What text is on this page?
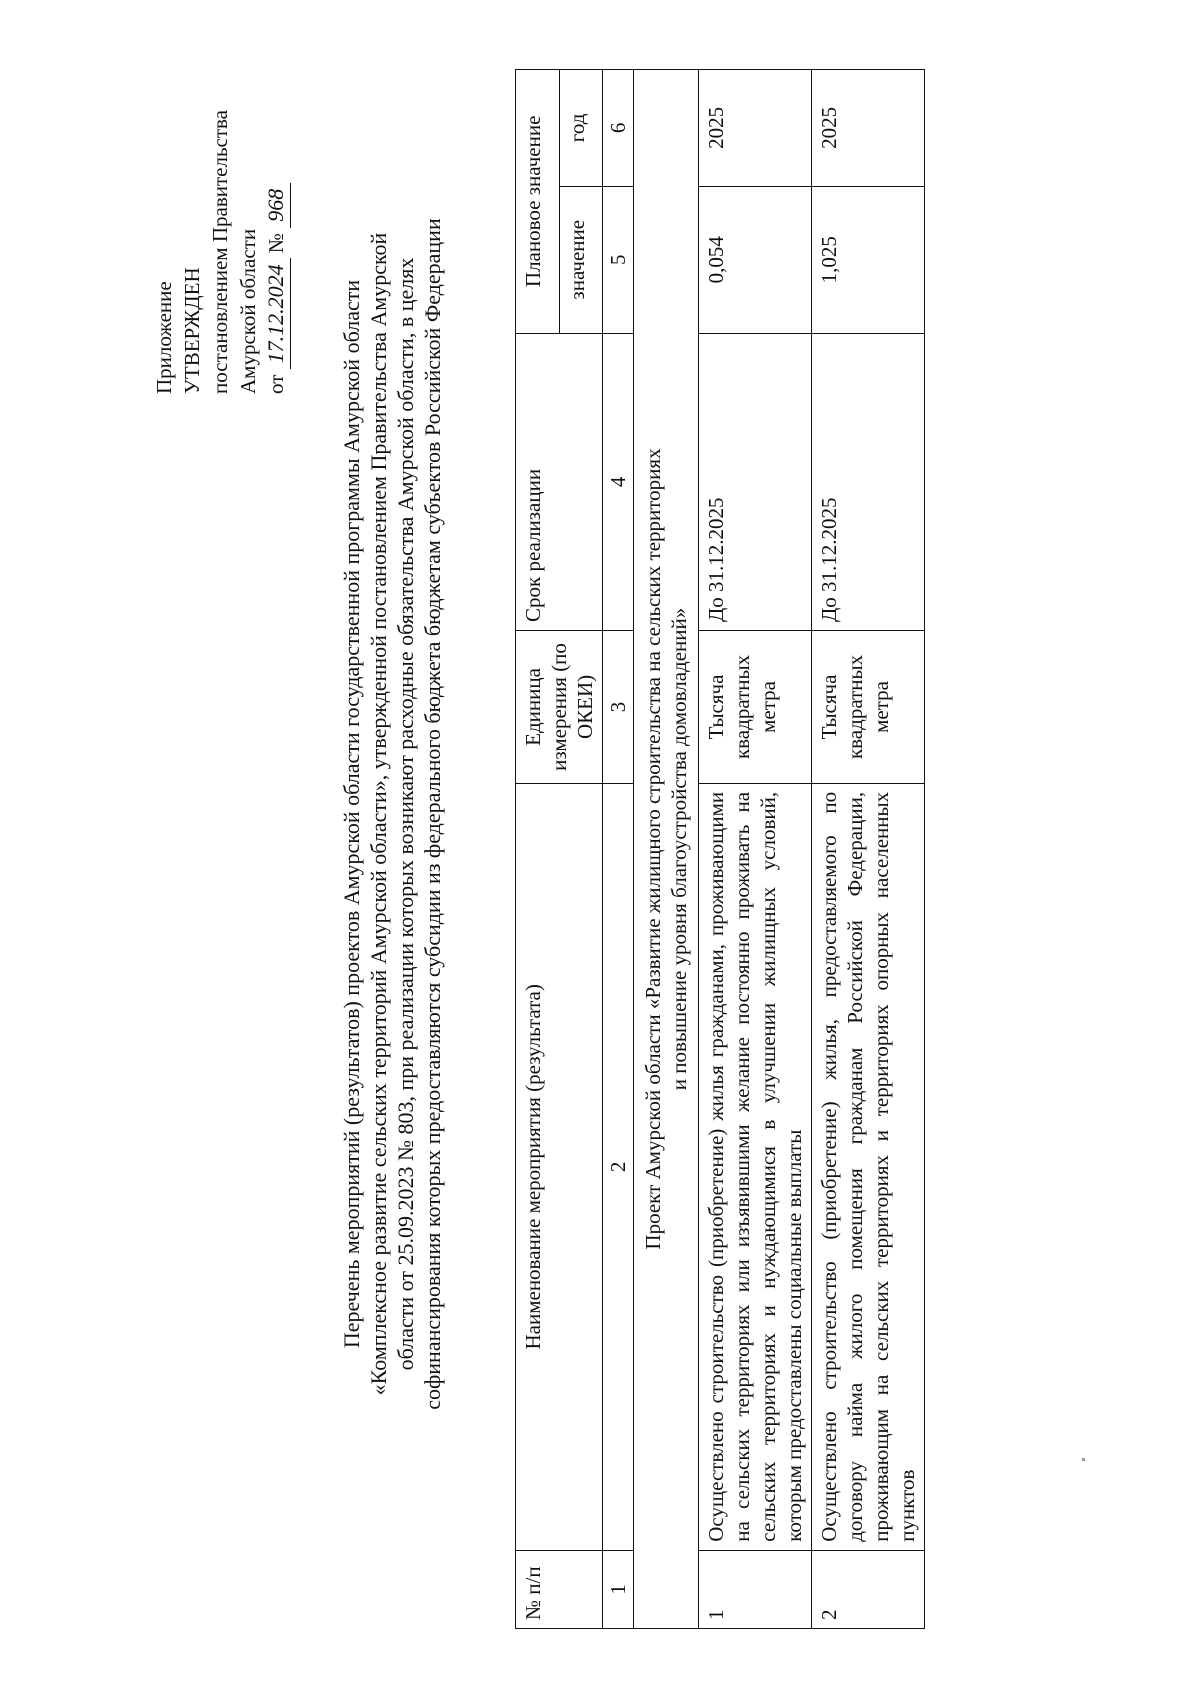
Приложение УТВЕРЖДЕН постановлением Правительства Амурской области от 17.12.2024 № 968
Перечень мероприятий (результатов) проектов Амурской области государственной программы Амурской области «Комплексное развитие сельских территорий Амурской области», утвержденной постановлением Правительства Амурской области от 25.09.2023 № 803, при реализации которых возникают расходные обязательства Амурской области, в целях софинансирования которых предоставляются субсидии из федерального бюджета бюджетам субъектов Российской Федерации
№ п/п	Наименование мероприятия (результата)	Единица измерения (по ОКЕИ)	Срок реализации	Плановое значение	
				значение	год
1	2	3	4	5	6

Проект Амурской области «Развитие жилищного строительства на сельских территориях и повышение уровня благоустройства домовладений»					

1	Осуществлено строительство (приобретение) жилья гражданами, проживающими на сельских территориях или изъявившими желание постоянно проживать на сельских территориях и нуждающимися в улучшении жилищных условий, которым предоставлены социальные выплаты	Тысяча квадратных метра	До 31.12.2025	0,054	2025
2	Осуществлено строительство (приобретение) жилья, предоставляемого по договору найма жилого помещения гражданам Российской Федерации, проживающим на сельских территориях и территориях опорных населенных пунктов	Тысяча квадратных метра	До 31.12.2025	1,025	2025
